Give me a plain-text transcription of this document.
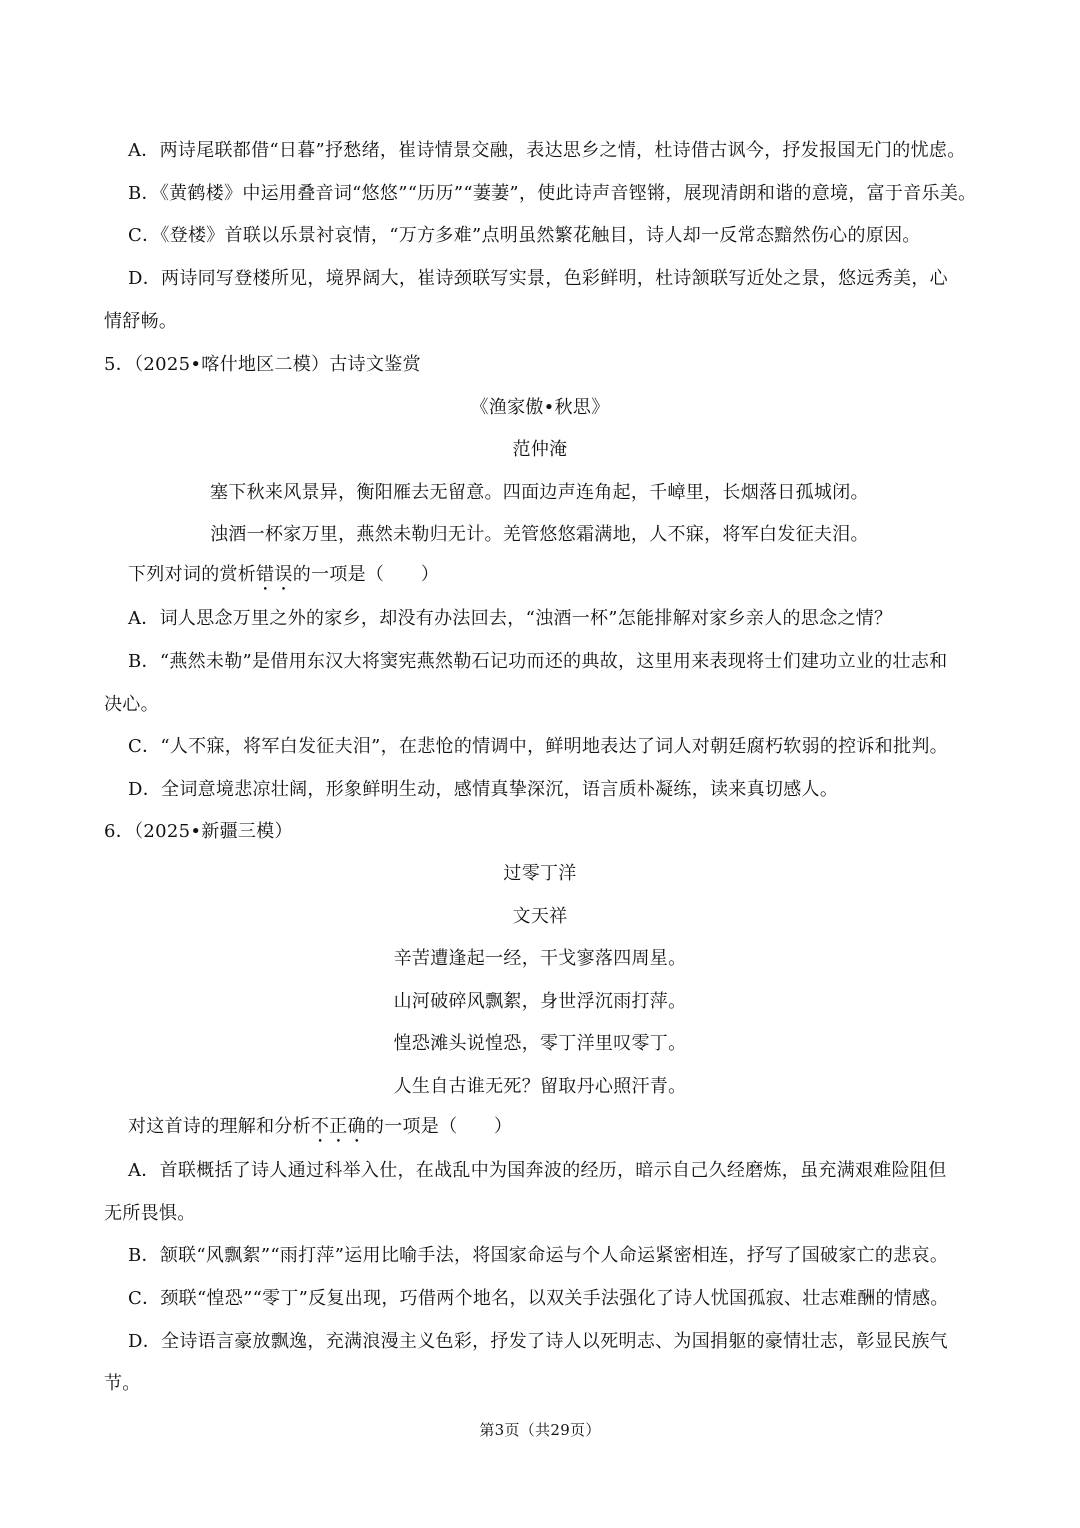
A．两诗尾联都借“日暮”抒愁绪，崔诗情景交融，表达思乡之情，杜诗借古讽今，抒发报国无门的忧虑。
B．《黄鹤楼》中运用叠音词“悠悠”“历历”“萋萋”，使此诗声音铿锵，展现清朗和谐的意境，富于音乐美。
C．《登楼》首联以乐景衬哀情，“万方多难”点明虽然繁花触目，诗人却一反常态黯然伤心的原因。
D．两诗同写登楼所见，境界阔大，崔诗颈联写实景，色彩鲜明，杜诗颔联写近处之景，悠远秀美，心
情舒畅。
5．（2025•喀什地区二模）古诗文鉴赏
《渔家傲•秋思》
范仲淹
塞下秋来风景异，衡阳雁去无留意。四面边声连角起，千嶂里，长烟落日孤城闭。
浊酒一杯家万里，燕然未勒归无计。羌管悠悠霜满地，人不寐，将军白发征夫泪。
下列对词的赏析错误的一项是（　　）
A．词人思念万里之外的家乡，却没有办法回去，“浊酒一杯”怎能排解对家乡亲人的思念之情？
B．“燕然未勒”是借用东汉大将窦宪燕然勒石记功而还的典故，这里用来表现将士们建功立业的壮志和
决心。
C．“人不寐，将军白发征夫泪”，在悲怆的情调中，鲜明地表达了词人对朝廷腐朽软弱的控诉和批判。
D．全词意境悲凉壮阔，形象鲜明生动，感情真挚深沉，语言质朴凝练，读来真切感人。
6．（2025•新疆三模）
过零丁洋
文天祥
辛苦遭逢起一经，干戈寥落四周星。
山河破碎风飘絮，身世浮沉雨打萍。
惶恐滩头说惶恐，零丁洋里叹零丁。
人生自古谁无死？留取丹心照汗青。
对这首诗的理解和分析不正确的一项是（　　）
A．首联概括了诗人通过科举入仕，在战乱中为国奔波的经历，暗示自己久经磨炼，虽充满艰难险阻但
无所畏惧。
B．颔联“风飘絮”“雨打萍”运用比喻手法，将国家命运与个人命运紧密相连，抒写了国破家亡的悲哀。
C．颈联“惶恐”“零丁”反复出现，巧借两个地名，以双关手法强化了诗人忧国孤寂、壮志难酬的情感。
D．全诗语言豪放飘逸，充满浪漫主义色彩，抒发了诗人以死明志、为国捐躯的豪情壮志，彰显民族气
节。
第3页（共29页）
